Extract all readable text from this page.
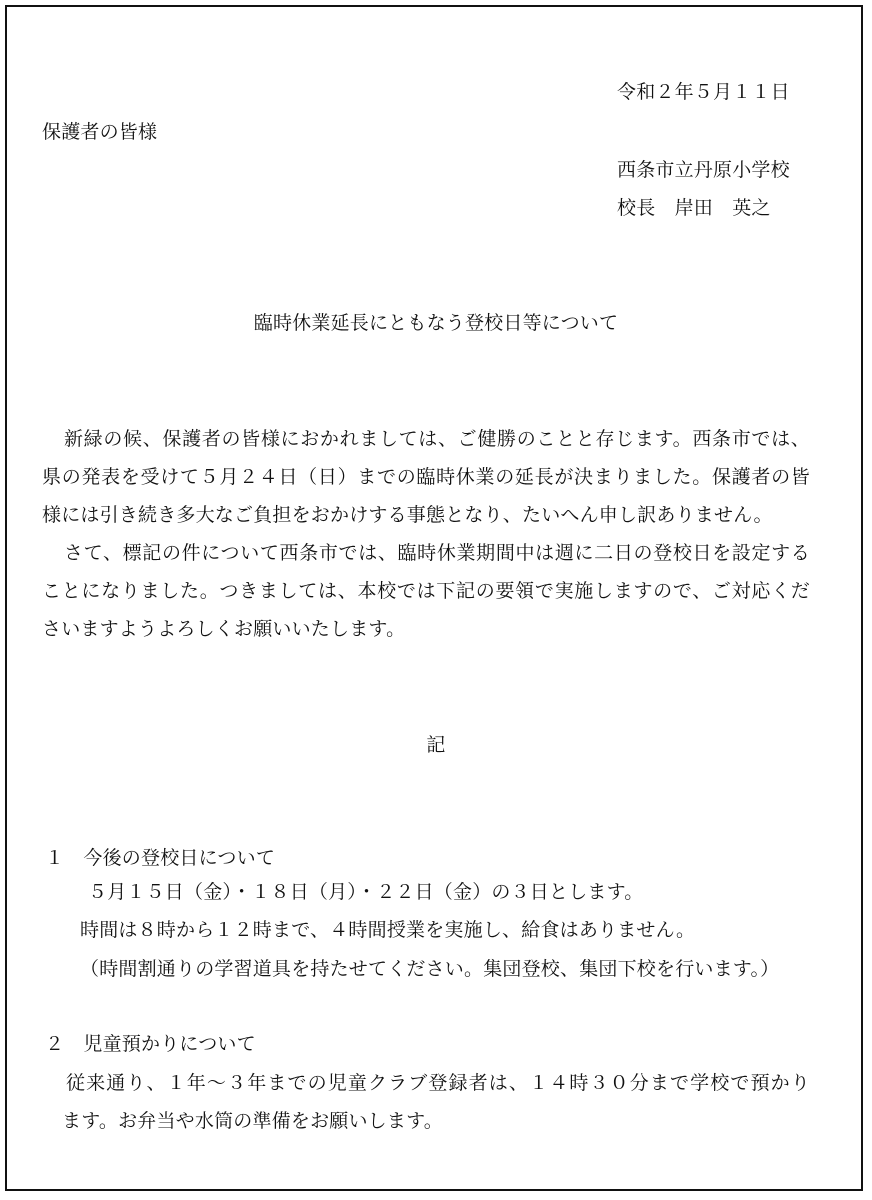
令和２年５月１１日
保護者の皆様
西条市立丹原小学校
校長　岸田　英之
臨時休業延長にともなう登校日等について
新緑の候、保護者の皆様におかれましては、ご健勝のことと存じます。西条市では、
県の発表を受けて５月２４日（日）までの臨時休業の延長が決まりました。保護者の皆
様には引き続き多大なご負担をおかけする事態となり、たいへん申し訳ありません。
さて、標記の件について西条市では、臨時休業期間中は週に二日の登校日を設定する
ことになりました。つきましては、本校では下記の要領で実施しますので、ご対応くだ
さいますようよろしくお願いいたします。
記
１　今後の登校日について
５月１５日（金）・１８日（月）・２２日（金）の３日とします。
時間は８時から１２時まで、４時間授業を実施し、給食はありません。
（時間割通りの学習道具を持たせてください。集団登校、集団下校を行います。）
２　児童預かりについて
従来通り、１年～３年までの児童クラブ登録者は、１４時３０分まで学校で預かり
ます。お弁当や水筒の準備をお願いします。
